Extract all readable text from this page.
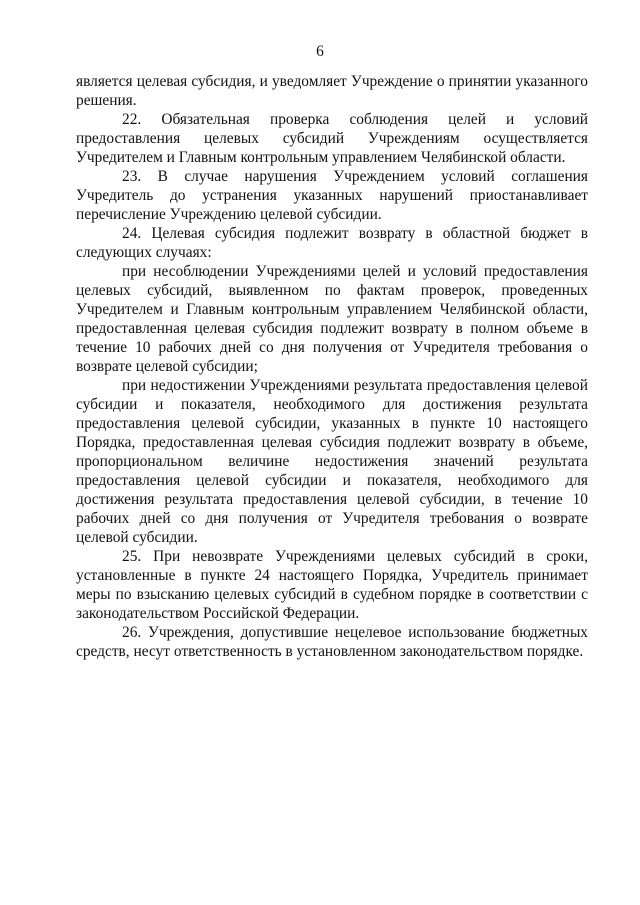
6

является целевая субсидия, и уведомляет Учреждение о принятии указанного решения.

22. Обязательная проверка соблюдения целей и условий предоставления целевых субсидий Учреждениям осуществляется Учредителем и Главным контрольным управлением Челябинской области.

23. В случае нарушения Учреждением условий соглашения Учредитель до устранения указанных нарушений приостанавливает перечисление Учреждению целевой субсидии.

24. Целевая субсидия подлежит возврату в областной бюджет в следующих случаях:

при несоблюдении Учреждениями целей и условий предоставления целевых субсидий, выявленном по фактам проверок, проведенных Учредителем и Главным контрольным управлением Челябинской области, предоставленная целевая субсидия подлежит возврату в полном объеме в течение 10 рабочих дней со дня получения от Учредителя требования о возврате целевой субсидии;

при недостижении Учреждениями результата предоставления целевой субсидии и показателя, необходимого для достижения результата предоставления целевой субсидии, указанных в пункте 10 настоящего Порядка, предоставленная целевая субсидия подлежит возврату в объеме, пропорциональном величине недостижения значений результата предоставления целевой субсидии и показателя, необходимого для достижения результата предоставления целевой субсидии, в течение 10 рабочих дней со дня получения от Учредителя требования о возврате целевой субсидии.

25. При невозврате Учреждениями целевых субсидий в сроки, установленные в пункте 24 настоящего Порядка, Учредитель принимает меры по взысканию целевых субсидий в судебном порядке в соответствии с законодательством Российской Федерации.

26. Учреждения, допустившие нецелевое использование бюджетных средств, несут ответственность в установленном законодательством порядке.
